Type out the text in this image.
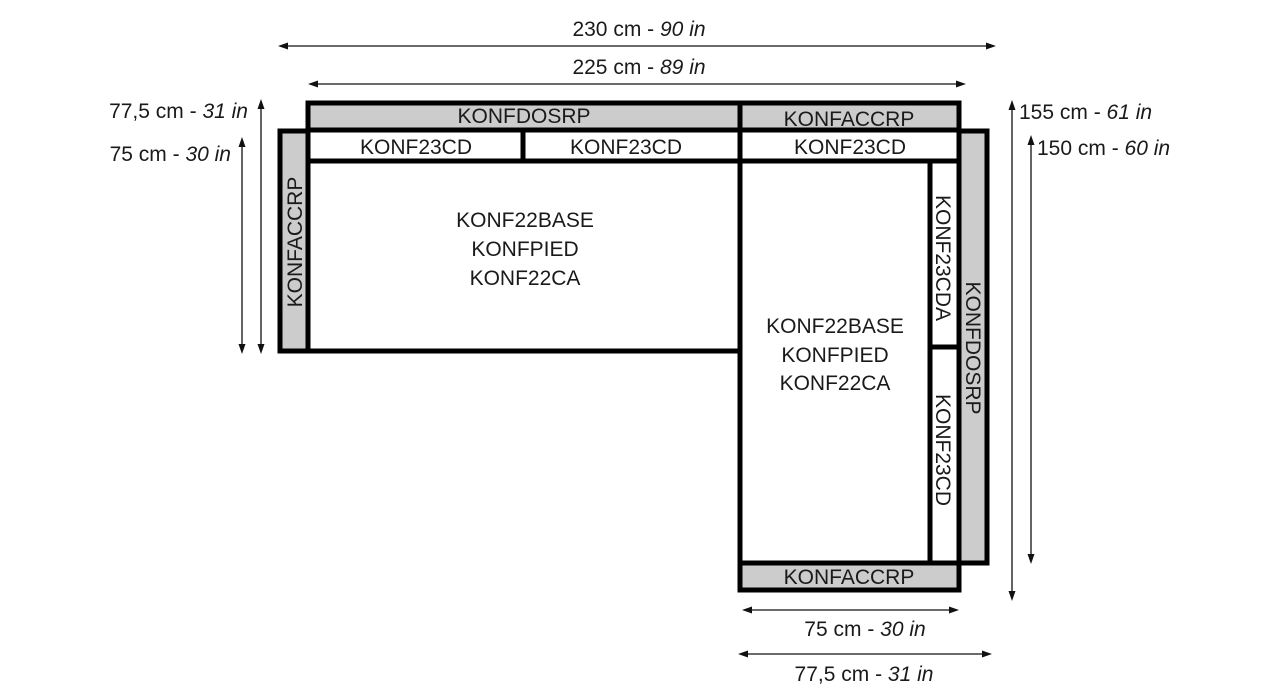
KONFDOSRP	KONFACCRP
KONF23CD	KONF23CD	KONF23CD
KONFACCRP
KONF22BASE
KONFPIED
KONF22CA
KONF22BASE
KONFPIED
KONF22CA
KONFACCRP	KONF23CDA
KONF23CD
KONFDOSRP
230 cm - 90 in
225 cm - 89 in
77,5 cm - 31 in
75 cm - 30 in
155 cm - 61 in
150 cm - 60 in
75 cm - 30 in
77,5 cm - 31 in
